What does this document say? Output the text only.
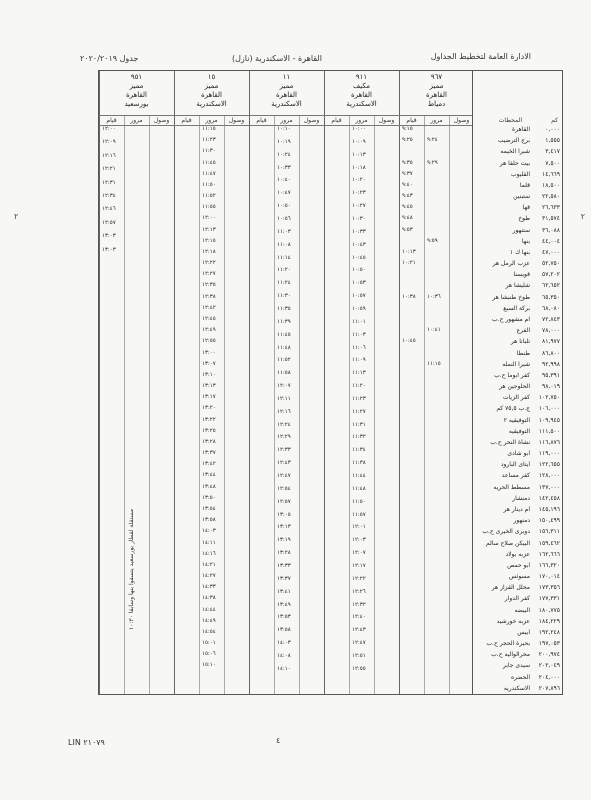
الادارة العامة لتخطيط الجداول
القاهرة - الاسكندرية (نازل)
جدول ٢٠٢٠/٢٠١٩
٢	٢
٩٦٧
مميز
القاهرة
دمياط
وصول
مرور
قيام
٩١١
مكيف
القاهرة
الاسكندرية
وصول
مرور
قيام
١١
مميز
القاهرة
الاسكندرية
وصول
مرور
قيام
١٥
مميز
القاهرة
الاسكندرية
وصول
مرور
قيام
٩٥١
مميز
القاهرة
بورسعيد
وصول
مرور
قيام
٩:١٥
٩:٢٥
٩:٣٥
٩:٣٧
٩:٤٠
٩:٤٣
٩:٤٥
٩:٤٨
٩:٥٣
١٠:١٣
١٠:٢١
١٠:٣٨
١٠:٤٥
٩:٢٤
٩:٢٩
٩:٥٩
١٠:٣٦
١٠:٤١
١١:١٥
١٠:٠٠
١٠:٠٩
١٠:١٣
١٠:١٨
١٠:٢٠
١٠:٢٣
١٠:٢٧
١٠:٣٠
١٠:٣٣
١٠:٤٣
١٠:٤٥
١٠:٥٠
١٠:٥٣
١٠:٥٧
١٠:٥٩
١١:٠١
١١:٠٣
١١:٠٦
١١:٠٩
١١:١٣
١١:٢٠
١١:٢٣
١١:٢٧
١١:٣١
١١:٣٢
١١:٣٤
١١:٣٨
١١:٤٤
١١:٤٨
١١:٥٠
١١:٥٧
١٢:٠١
١٢:٠٣
١٢:٠٧
١٢:١٧
١٢:٢٢
١٢:٢٦
١٢:٣٢
١٢:٤٠
١٢:٤٣
١٢:٤٧
١٢:٥١
١٢:٥٥
١٠:١٠
١٠:١٩
١٠:٢٤
١٠:٣٣
١٠:٤٠
١٠:٤٧
١٠:٥٠
١٠:٥٦
١١:٠٣
١١:٠٨
١١:١٤
١١:٢٠
١١:٢٤
١١:٣٠
١١:٣٥
١١:٣٩
١١:٤٥
١١:٤٨
١١:٥٢
١١:٥٨
١٢:٠٧
١٢:١١
١٢:١٦
١٢:٢٤
١٢:٢٩
١٢:٣٣
١٢:٤٣
١٢:٤٧
١٢:٥٤
١٢:٥٧
١٣:٠٥
١٣:١٣
١٣:١٩
١٣:٢٨
١٣:٣٣
١٣:٣٧
١٣:٤١
١٣:٤٩
١٣:٥٣
١٣:٥٨
١٤:٠٣
١٤:٠٨
١٤:١٠
١١:١٥
١١:٢٣
١١:٣٠
١١:٤٥
١١:٤٧
١١:٥٠
١١:٥٢
١١:٥٥
١٢:٠٠
١٢:١٣
١٢:١٥
١٢:١٨
١٢:٢٢
١٢:٢٧
١٢:٣٥
١٢:٣٨
١٢:٤٢
١٢:٤٥
١٢:٤٩
١٢:٥٥
١٣:٠٠
١٣:٠٧
١٣:١٠
١٣:١٣
١٣:١٧
١٣:٢٠
١٣:٢٢
١٣:٢٥
١٣:٢٨
١٣:٣٧
١٣:٤٢
١٣:٤٤
١٣:٤٨
١٣:٥٠
١٣:٥٤
١٣:٥٨
١٤:٠٣
١٤:١١
١٤:١٦
١٤:٢١
١٤:٢٧
١٤:٣٣
١٤:٣٨
١٤:٤٤
١٤:٤٩
١٤:٥٤
١٥:٠١
١٥:٠٦
١٥:١٠
١٢:٠٠
١٢:٠٩
١٢:١٦
١٢:٢١
١٢:٣١
١٢:٣٤
١٢:٤٦
١٢:٥٧
١٣:٠٣
١٣:٠٣
كم
المحطات
٠,٠٠٠
القاهرة
١,٥٥٥
برج الترضيب
٣,٤١٧
شبرا الخيمه
٧,٥٠٠
بيت حلقا هر
١٤,٦٦٩
القليوب
١٨,٥٠٠
قلما
٢٢,٥٨٠
ستبنين
٢٦,٦٣٣
قها
٣١,٥٧٤
طوخ
٣٦,٠٨٨
ستنهور
٤٤,٠٠٤
بنها
٤٧,٠٠٠
بنها ك ١
٥٢,٧٥٠
عزب الرمل هر
٥٧,٢٠٢
قويسنا
٦٢,٦٥٢
شليشا هر
٦٥,٣٥٠
طوخ طنبشا هر
٦٨,٠٨٠
بركة السبع
٧٢,٨٤٣
ام مشهور ح.ب
٧٨,٠٠٠
الفرع
٨١,٩٧٧
تلبانا هر
٨٦,٨٠٠
طنطا
٩٢,٩٩٨
شبرا النمله
٩٥,٣٩١
كفر ابوما ح.ب
٩٨,٠١٩
الحلوجين هر
١٠٢,٧٥٠
كفر الزيات
١٠٦,٠٠٠
ج.ب ٧٥,٥ كم
١٠٩,٩٤٥
التوفيقيه ٢
١١١,٥٠٠
التوفيقيه
١١٦,٨٧٦
نشاة النحر ح.ب
١١٩,٠٠٠
ابو شادى
١٢٢,٦٥٥
ايتاى البارود
١٢٨,٠٠٠
كفر مساعد
١٣٧,٠٠٠
مسطط الحريه
١٤٢,٤٥٨
دمنشار
١٤٥,١٩٦
ام دينار هر
١٥٠,٤٩٩
دمنهور
١٥٦,٣١١
دوبرى الخيرى ح.ب
١٥٩,٤٦٢
البيكن صلاح سالم
١٦٢,٦٦٦
عزبه بولاد
١٦٦,٣٢٠
ابو حمص
١٧٠,٠١٤
مسوئس
١٧٣,٣٥٦
محلل القزاز هر
١٧٧,٣٣١
كفر الدوار
١٨٠,٧٧٥
البيضه
١٨٤,٢٢٩
عزبه خورشيد
١٩٢,٢٤٨
ابيس
١٩٧,٠٥٣
بحيرة الحجر ح.ب
٢٠٠,٩٧٤
محرالواليه ح.ب
٢٠٢,٠٤٩
سيدى جابر
٢٠٤,٠٠٠
الحضره
٢٠٧,٨٩٦
الاسكندريه
مستقلة لقطار بورسعيد يتسفوا بنها وسابقا ١٠:٣٠
LIN ٢١٠٧٩	٤
